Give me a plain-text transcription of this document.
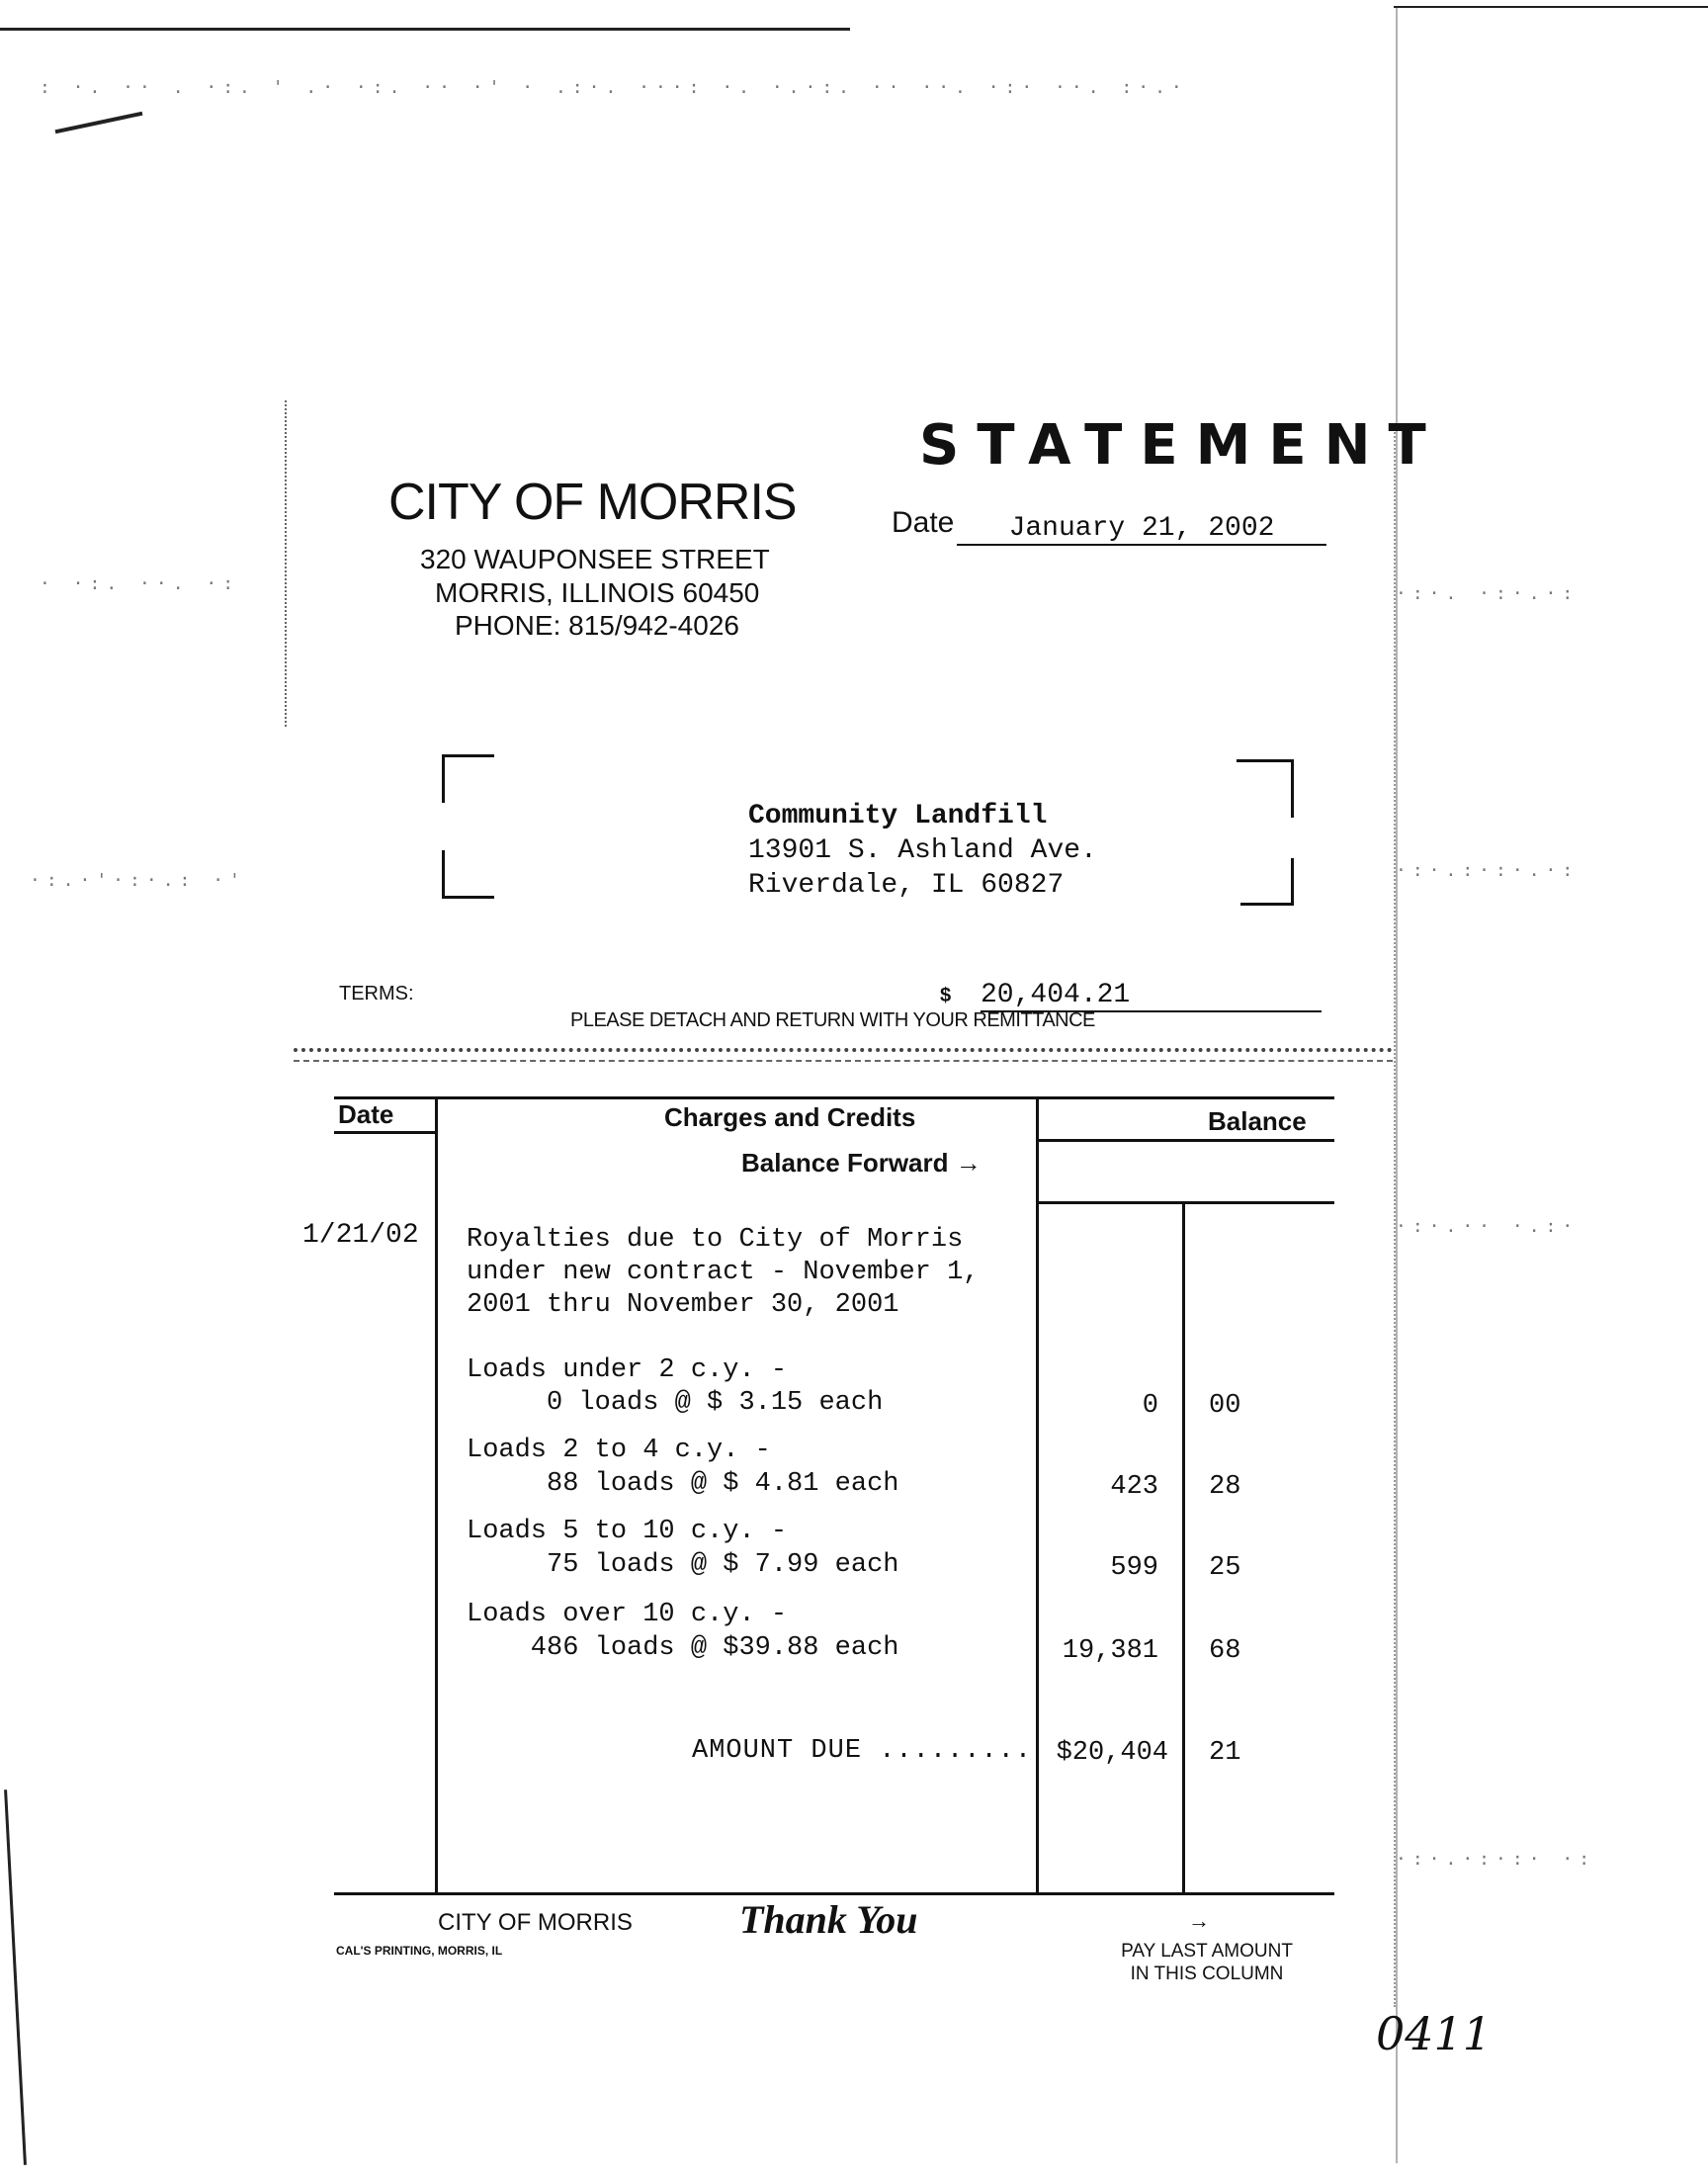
: ·. ·· . ·:. ' .· ·:. ·· ·' · .:·. ···: ·. ·.·:. ·· ··. ·:· ··. :·.·
· ·:. ··. ·:
·:.·'·:·.: ·'
·:·. ·:·.·:
·:·.:·:·.·:
·:·.·· ·.:·
·:·.·:·:· ·:
STATEMENT
CITY OF MORRIS
320 WAUPONSEE STREET
MORRIS, ILLINOIS 60450
PHONE: 815/942-4026
Date	January 21, 2002
Community Landfill
13901 S. Ashland Ave.
Riverdale, IL 60827
TERMS:	$ 20,404.21
PLEASE DETACH AND RETURN WITH YOUR REMITTANCE
Date	Charges and Credits	Balance
Balance Forward →
1/21/02 Royalties due to City of Morris
under new contract - November 1,
2001 thru November 30, 2001
Loads under 2 c.y. -
0 loads @ $ 3.15 each	0 00
Loads 2 to 4 c.y. -
88 loads @ $ 4.81 each	423 28
Loads 5 to 10 c.y. -
75 loads @ $ 7.99 each	599 25
Loads over 10 c.y. -
486 loads @ $39.88 each	19,381 68
AMOUNT DUE ......... $20,404 21
CITY OF MORRIS
CAL'S PRINTING, MORRIS, IL
Thank You	→
PAY LAST AMOUNT
IN THIS COLUMN
0411
